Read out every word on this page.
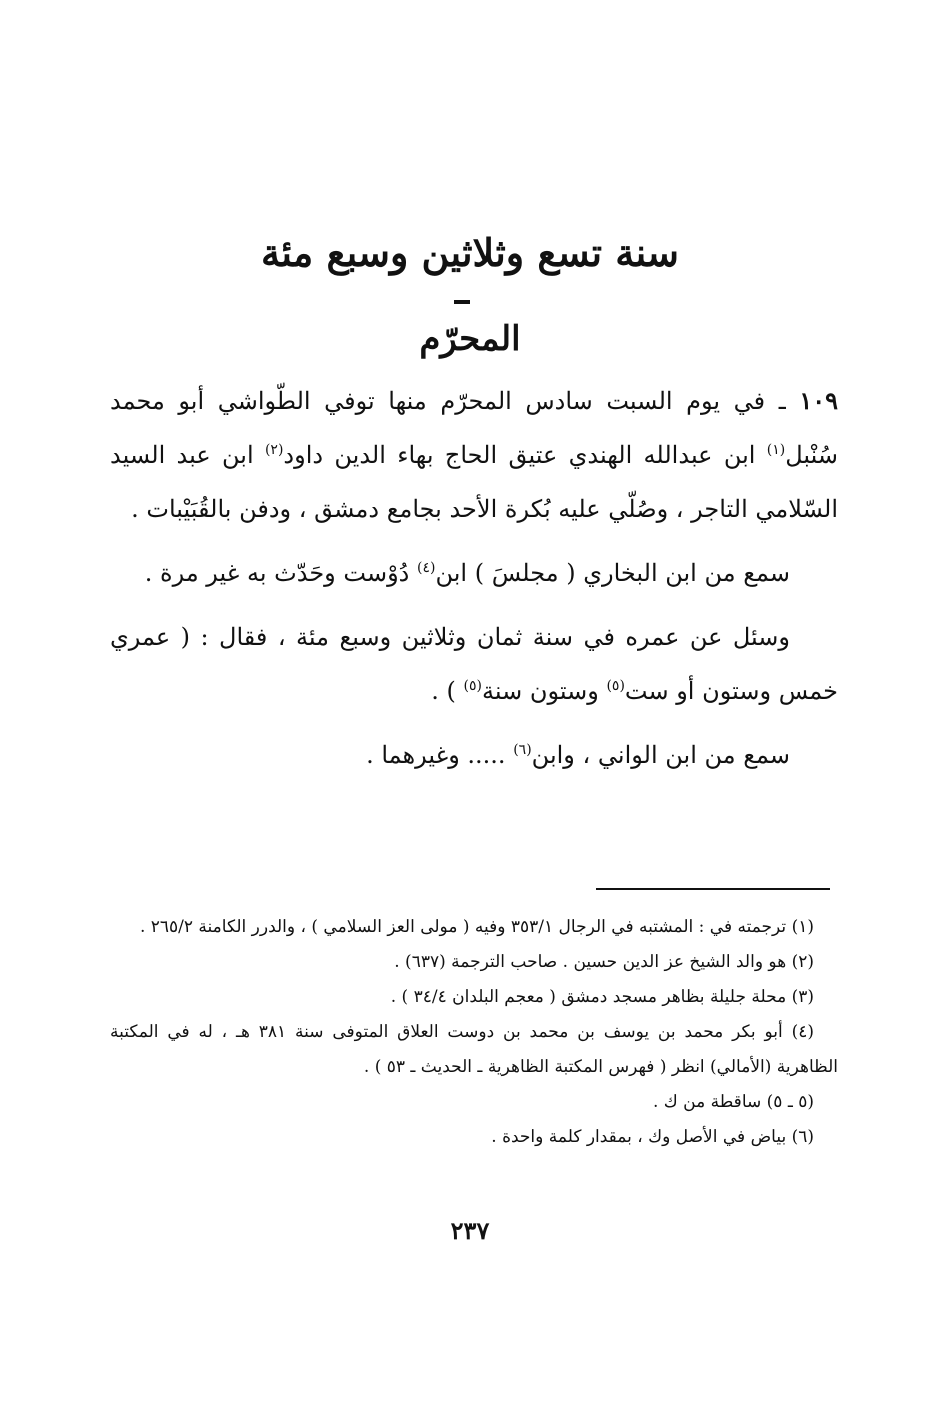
سنة تسع وثلاثين وسبع مئة
المحرّم

١٠٩ ـ في يوم السبت سادس المحرّم منها توفي الطّواشي أبو محمد سُنْبل$^{(١)}$ ابن عبدالله الهندي عتيق الحاج بهاء الدين داود$^{(٢)}$ ابن عبد السيد السّلامي التاجر ، وصُلّي عليه بُكرة الأحد بجامع دمشق ، ودفن بالقُبَيْبات .

سمع من ابن البخاري ( مجلسَ ) ابن$^{(٤)}$ دُوْست وحَدّث به غير مرة .

وسئل عن عمره في سنة ثمان وثلاثين وسبع مئة ، فقال : ( عمري خمس وستون أو ست$^{(٥)}$ وستون سنة$^{(٥)}$ ) .

سمع من ابن الواني ، وابن$^{(٦)}$ ..... وغيرهما .

(١) ترجمته في : المشتبه في الرجال ٣٥٣/١ وفيه ( مولى العز السلامي ) ، والدرر الكامنة ٢٦٥/٢ .

(٢) هو والد الشيخ عز الدين حسين . صاحب الترجمة (٦٣٧) .

(٣) محلة جليلة بظاهر مسجد دمشق ( معجم البلدان ٣٤/٤ ) .

(٤) أبو بكر محمد بن يوسف بن محمد بن دوست العلاق المتوفى سنة ٣٨١ هـ ، له في المكتبة الظاهرية (الأمالي) انظر ( فهرس المكتبة الظاهرية ـ الحديث ـ ٥٣ ) .

(٥ ـ ٥) ساقطة من ك .

(٦) بياض في الأصل وك ، بمقدار كلمة واحدة .

٢٣٧
